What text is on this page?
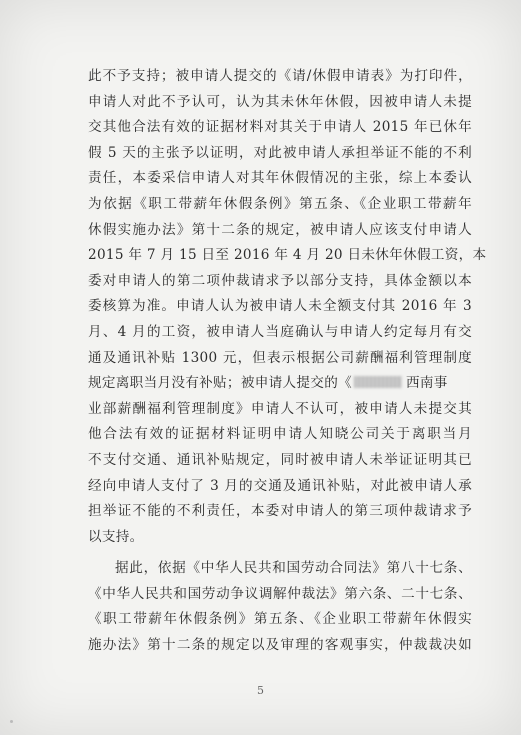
此不予支持；被申请人提交的《请/休假申请表》为打印件，
申请人对此不予认可，认为其未休年休假，因被申请人未提
交其他合法有效的证据材料对其关于申请人 2015 年已休年
假 5 天的主张予以证明，对此被申请人承担举证不能的不利
责任，本委采信申请人对其年休假情况的主张，综上本委认
为依据《职工带薪年休假条例》第五条、《企业职工带薪年
休假实施办法》第十二条的规定，被申请人应该支付申请人
2015 年 7 月 15 日至 2016 年 4 月 20 日未休年休假工资，本
委对申请人的第二项仲裁请求予以部分支持，具体金额以本
委核算为准。申请人认为被申请人未全额支付其 2016 年 3
月、4 月的工资，被申请人当庭确认与申请人约定每月有交
通及通讯补贴 1300 元，但表示根据公司薪酬福利管理制度
规定离职当月没有补贴；被申请人提交的《	西南事
业部薪酬福利管理制度》申请人不认可，被申请人未提交其
他合法有效的证据材料证明申请人知晓公司关于离职当月
不支付交通、通讯补贴规定，同时被申请人未举证证明其已
经向申请人支付了 3 月的交通及通讯补贴，对此被申请人承
担举证不能的不利责任，本委对申请人的第三项仲裁请求予
以支持。
据此，依据《中华人民共和国劳动合同法》第八十七条、
《中华人民共和国劳动争议调解仲裁法》第六条、二十七条、
《职工带薪年休假条例》第五条、《企业职工带薪年休假实
施办法》第十二条的规定以及审理的客观事实，仲裁裁决如
5
